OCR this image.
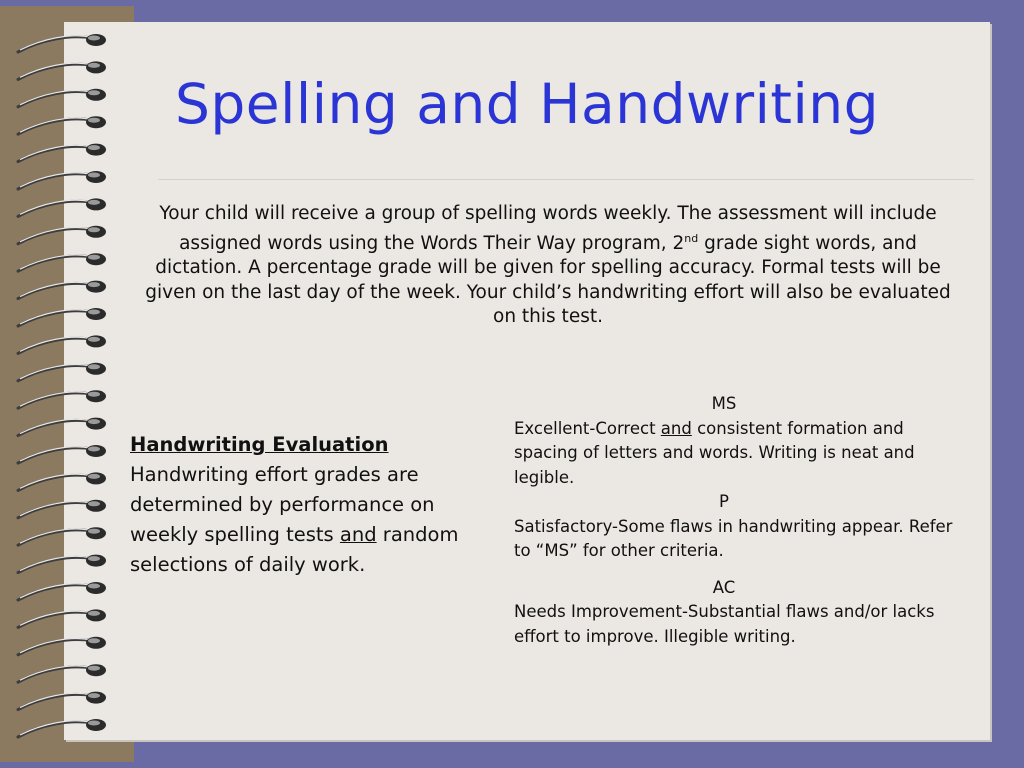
Spelling and Handwriting

Your child will receive a group of spelling words weekly. The assessment will include assigned words using the Words Their Way program, 2nd grade sight words, and dictation. A percentage grade will be given for spelling accuracy. Formal tests will be given on the last day of the week. Your child’s handwriting effort will also be evaluated on this test.

Handwriting Evaluation
Handwriting effort grades are determined by performance on weekly spelling tests and random selections of daily work.

MS
Excellent-Correct and consistent formation and spacing of letters and words. Writing is neat and legible.
P
Satisfactory-Some flaws in handwriting appear. Refer to “MS” for other criteria.
AC
Needs Improvement-Substantial flaws and/or lacks effort to improve. Illegible writing.
